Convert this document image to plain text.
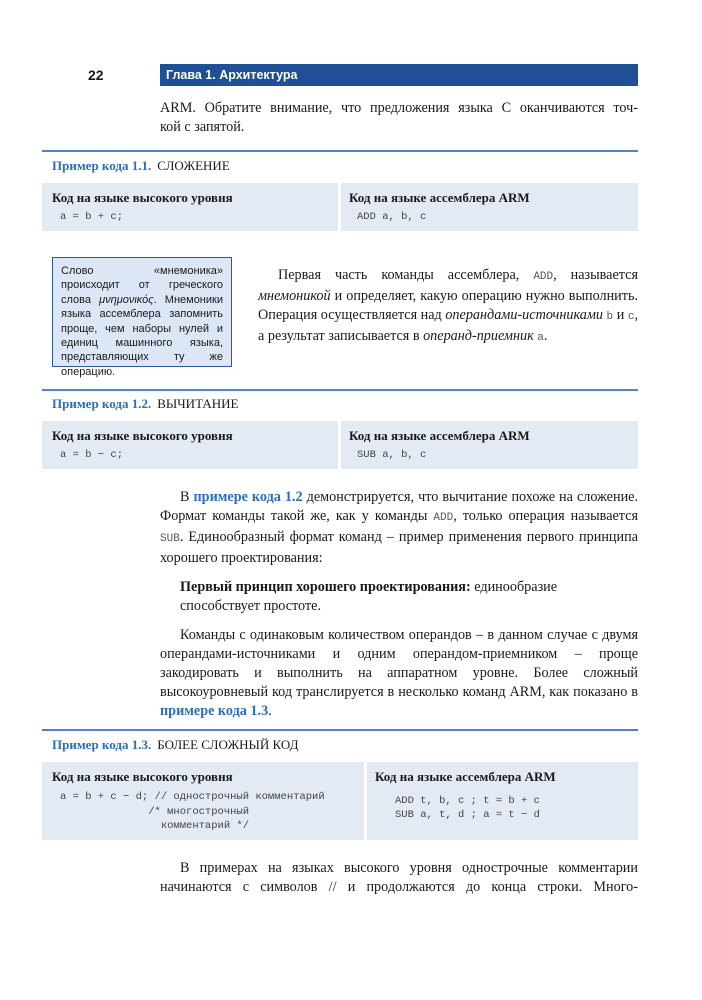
22	Глава 1. Архитектура
ARM. Обратите внимание, что предложения языка C оканчиваются точ-
кой с запятой.
Пример кода 1.1. СЛОЖЕНИЕ
Код на языке высокого уровня
a = b + c;
Код на языке ассемблера ARM
ADD a, b, c

Слово «мнемоника» происходит от греческого слова μνημονικός. Мнемоники языка ассемблера запомнить проще, чем наборы нулей и единиц машинного языка, представляющих ту же операцию.

Первая часть команды ассемблера, ADD, называется мнемоникой и определяет, какую операцию нужно выполнить. Операция осуществляется над операндами-источниками b и c, а результат записывается в операнд-приемник a.
Пример кода 1.2. ВЫЧИТАНИЕ
Код на языке высокого уровня
a = b − c;
Код на языке ассемблера ARM
SUB a, b, c
В примере кода 1.2 демонстрируется, что вычитание похоже на сложение. Формат команды такой же, как у команды ADD, только операция называется SUB. Единообразный формат команд – пример применения первого принципа хорошего проектирования:
Первый принцип хорошего проектирования: единообразие способствует простоте.
Команды с одинаковым количеством операндов – в данном случае с двумя операндами-источниками и одним операндом-приемником – проще закодировать и выполнить на аппаратном уровне. Более сложный высокоуровневый код транслируется в несколько команд ARM, как показано в примере кода 1.3.
Пример кода 1.3. БОЛЕЕ СЛОЖНЫЙ КОД
Код на языке высокого уровня
a = b + c − d; // однострочный комментарий
/* многострочный
комментарий */
Код на языке ассемблера ARM
ADD t, b, c ; t = b + c
SUB a, t, d ; a = t − d
В примерах на языках высокого уровня однострочные комментарии
начинаются с символов // и продолжаются до конца строки. Много-
